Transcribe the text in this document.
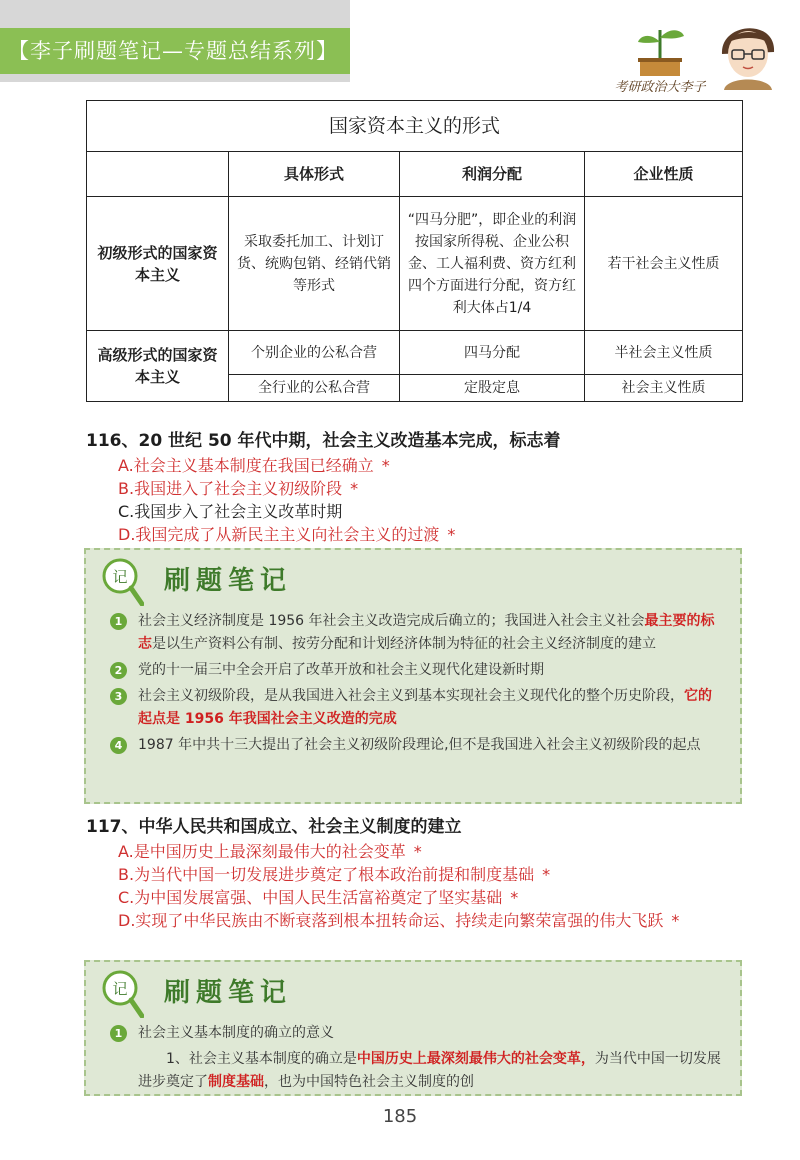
【李子刷题笔记—专题总结系列】
考研政治大李子
国家资本主义的形式			
	具体形式	利润分配	企业性质
初级形式的国家资本主义	采取委托加工、计划订货、统购包销、经销代销等形式	“四马分肥”，即企业的利润按国家所得税、企业公积金、工人福利费、资方红利四个方面进行分配，资方红利大体占1/4	若干社会主义性质
高级形式的国家资本主义	个别企业的公私合营	四马分配	半社会主义性质
	全行业的公私合营	定股定息	社会主义性质
116、20 世纪 50 年代中期，社会主义改造基本完成，标志着
A.社会主义基本制度在我国已经确立 *
B.我国进入了社会主义初级阶段 *
C.我国步入了社会主义改革时期
D.我国完成了从新民主主义向社会主义的过渡 *
记 刷题笔记
1	社会主义经济制度是 1956 年社会主义改造完成后确立的；我国进入社会主义社会最主要的标志是以生产资料公有制、按劳分配和计划经济体制为特征的社会主义经济制度的建立
2	党的十一届三中全会开启了改革开放和社会主义现代化建设新时期
3	社会主义初级阶段，是从我国进入社会主义到基本实现社会主义现代化的整个历史阶段，它的起点是 1956 年我国社会主义改造的完成
4	1987 年中共十三大提出了社会主义初级阶段理论,但不是我国进入社会主义初级阶段的起点
117、中华人民共和国成立、社会主义制度的建立
A.是中国历史上最深刻最伟大的社会变革 *
B.为当代中国一切发展进步奠定了根本政治前提和制度基础 *
C.为中国发展富强、中国人民生活富裕奠定了坚实基础 *
D.实现了中华民族由不断衰落到根本扭转命运、持续走向繁荣富强的伟大飞跃 *
记 刷题笔记
1	社会主义基本制度的确立的意义
1、社会主义基本制度的确立是中国历史上最深刻最伟大的社会变革，为当代中国一切发展进步奠定了制度基础，也为中国特色社会主义制度的创
185
